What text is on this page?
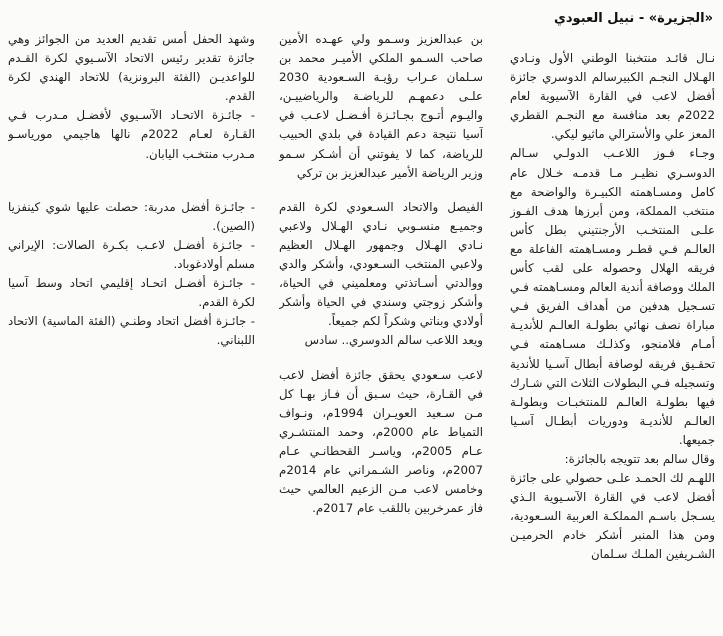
«الجزيرة» - نبيل العبودي

نـال قائـد منتخبنا الوطني الأول ونـادي الهـلال النجـم الكبيرسالم الدوسري جائزة أفضل لاعب في القارة الآسيوية لعام 2022م بعد منافسة مع النجـم القطري المعز علي والأسترالي ماثيو ليكي.

وجـاء فـوز اللاعـب الدولـي سـالم الدوسـري نظيـر مـا قدمـه خـلال عام كامل ومسـاهمته الكبيـرة والواضحة مع منتخب المملكة، ومن أبرزها هدف الفـوز علـى المنتخـب الأرجنتيني بطل كأس العالـم فـي قطـر ومسـاهمته الفاعلة مع فريقه الهلال وحصوله على لقب كأس الملك ووصافة أندية العالم ومسـاهمته فـي تسـجيل هدفين من أهداف الفريق فـي مباراة نصف نهائي بطولـة العالـم للأنديـة أمـام فلامنجو، وكذلـك مسـاهمته فـي تحقـيق فريقه لوصافة أبطال آسـيا للأندية وتسجيله فـي البطولات الثلاث التي شـارك فيها بطولـة العالـم للمنتخبـات وبطولـة العالـم للأنديـة ودوريات أبطـال آسـيا جميعها.

وقال سالم بعد تتويجه بالجائزة:

اللهـم لك الحمـد علـى حصولي على جائزة أفضل لاعب في القارة الآسـيوية الـذي يسـجل باسـم المملكـة العربية السـعودية، ومن هذا المنبر أشكر خادم الحرميـن الشـريفين الملـك سـلمان

بن عبدالعزيز وسـمو ولي عهـده الأمين صاحب السـمو الملكي الأميـر محمد بن سـلمان عـراب رؤيـة السـعودية 2030 علـى دعمهـم للرياضـة والرياضييـن، واليـوم أتـوج بجـائـزة أفـضـل لاعـب في آسيا نتيجة دعم القيادة في بلدي الحبيب للرياضة، كما لا يفوتني أن أشـكر سـمو وزير الرياضة الأمير عبدالعزيز بن تركي

الفيصل والاتحاد السـعودي لكرة القدم وجميـع منسـوبي نـادي الهـلال ولاعبي نـادي الهـلال وجمهور الهـلال العظيم ولاعبي المنتخب السـعودي، وأشكر والدي ووالدتي أسـاتذتي ومعلميني في الحياة، وأشكر زوجتي وسندي في الحياة وأشكر أولادي وبناتي وشكراً لكم جميعاً.

ويعد اللاعب سالم الدوسري.. سادس

لاعب سـعودي يحقق جائزة أفضل لاعب في القـارة، حيث سـبق أن فـاز بهـا كل مـن سـعيد العويـران 1994م، ونـواف التمياط عام 2000م، وحمد المنتشـري عـام 2005م، وياسـر القحطانـي عـام 2007م، وناصر الشـمراني عام 2014م وخامس لاعب مـن الزعيم العالمي حيث فاز عمرخربين باللقب عام 2017م.

وشهد الحفل أمس تقديم العديد من الجوائز وهي جائزة تقدير رئيس الاتحاد الآسـيوي لكرة القـدم للواعديـن (الفئة البرونزية) للاتحاد الهندي لكرة القدم.

- جائـزة الاتحـاد الآسـيوي لأفضـل مـدرب فـي القـارة لعـام 2022م نالها هاجيمي مورياسـو مـدرب منتخـب اليابان.

- جائـزة أفضل مدربة: حصلت عليها شوي كينفزيا (الصين).

- جائـزة أفضـل لاعـب بكـرة الصالات: الإيراني مسلم أولادغوباد.

- جائـزة أفضـل اتحـاد إقليمي اتحاد وسط آسيا لكرة القدم.

- جائـزة أفضل اتحاد وطنـي (الفئة الماسية) الاتحاد اللبناني.
